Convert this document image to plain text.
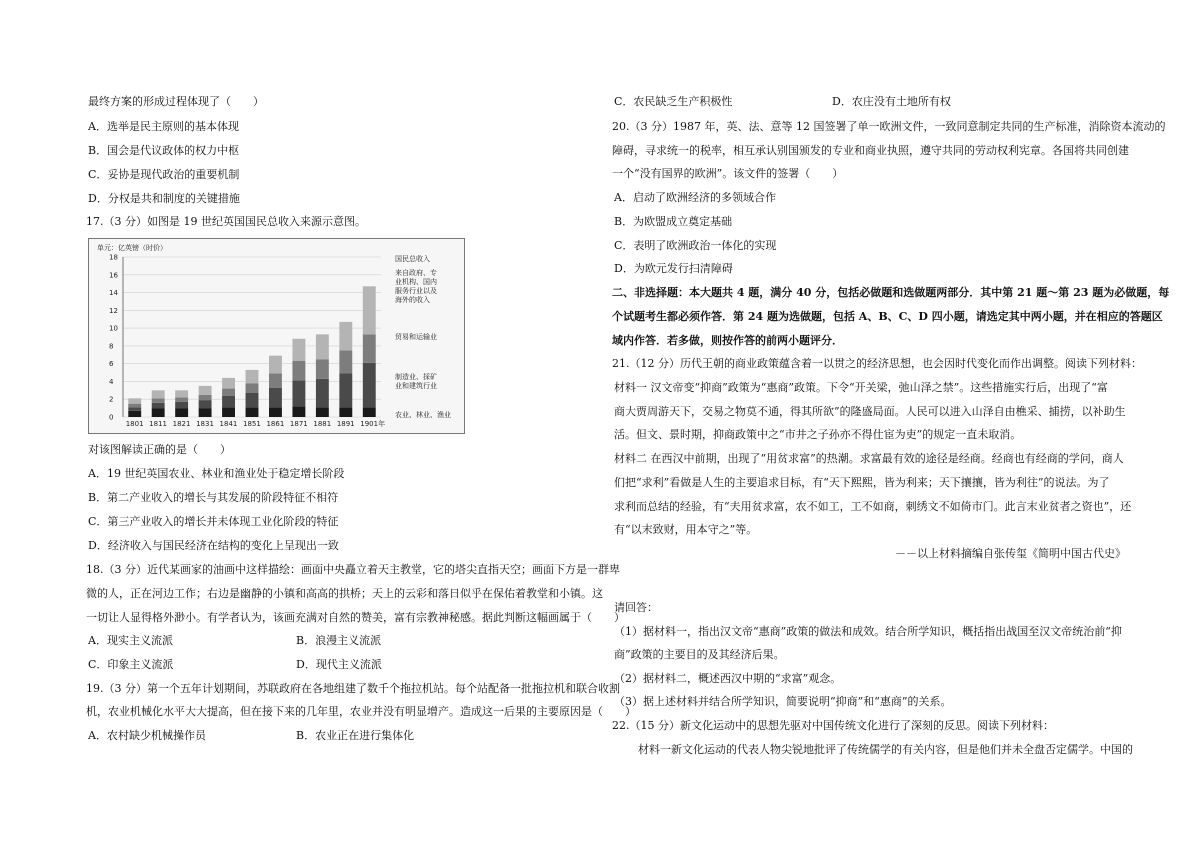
最终方案的形成过程体现了（　　）
A．选举是民主原则的基本体现
B．国会是代议政体的权力中枢
C．妥协是现代政治的重要机制
D．分权是共和制度的关键措施
17.（3 分）如图是 19 世纪英国国民总收入来源示意图。
对该图解读正确的是（　　）
A．19 世纪英国农业、林业和渔业处于稳定增长阶段
B．第二产业收入的增长与其发展的阶段特征不相符
C．第三产业收入的增长并未体现工业化阶段的特征
D．经济收入与国民经济在结构的变化上呈现出一致
18.（3 分）近代某画家的油画中这样描绘：画面中央矗立着天主教堂，它的塔尖直指天空；画面下方是一群卑
微的人，正在河边工作；右边是幽静的小镇和高高的拱桥；天上的云彩和落日似乎在保佑着教堂和小镇。这
一切让人显得格外渺小。有学者认为，该画充满对自然的赞美，富有宗教神秘感。据此判断这幅画属于（　　）
A．现实主义流派	B．浪漫主义流派
C．印象主义流派	D．现代主义流派
19.（3 分）第一个五年计划期间，苏联政府在各地组建了数千个拖拉机站。每个站配备一批拖拉机和联合收割
机，农业机械化水平大大提高，但在接下来的几年里，农业并没有明显增产。造成这一后果的主要原因是（　　）
A．农村缺少机械操作员	B．农业正在进行集体化
单元：亿英镑（时价）
0
2
4
6
8
10
12
14
16
18
1801 1811 1821 1831 1841 1851 1861 1871 1881 1891 1901年
国民总收入
农业、林业、渔业
制造业、採矿
业和建筑行业
贸易和运输业
来自政府、专
业机构、国内
服务行业以及
海外的收入
C．农民缺乏生产积极性	D．农庄没有土地所有权
20.（3 分）1987 年，英、法、意等 12 国签署了单一欧洲文件，一致同意制定共同的生产标准，消除资本流动的
障碍，寻求统一的税率，相互承认别国颁发的专业和商业执照，遵守共同的劳动权利宪章。各国将共同创建
一个“没有国界的欧洲”。该文件的签署（　　）
A．启动了欧洲经济的多领域合作
B．为欧盟成立奠定基础
C．表明了欧洲政治一体化的实现
D．为欧元发行扫清障碍
二、非选择题：本大题共 4 题，满分 40 分，包括必做题和选做题两部分．其中第 21 题～第 23 题为必做题，每
个试题考生都必须作答．第 24 题为选做题，包括 A、B、C、D 四小题，请选定其中两小题，并在相应的答题区
域内作答．若多做，则按作答的前两小题评分．
21.（12 分）历代王朝的商业政策蕴含着一以贯之的经济思想，也会因时代变化而作出调整。阅读下列材料：
材料一 汉文帝变“抑商”政策为“惠商”政策。下令“开关梁，弛山泽之禁”。这些措施实行后，出现了“富
商大贾周游天下，交易之物莫不通，得其所欲”的隆盛局面。人民可以进入山泽自由樵采、捕捞，以补助生
活。但文、景时期，抑商政策中之“市井之子孙亦不得仕宦为吏”的规定一直未取消。
材料二 在西汉中前期，出现了“用贫求富”的热潮。求富最有效的途径是经商。经商也有经商的学问，商人
们把“求利”看做是人生的主要追求目标，有“天下熙熙，皆为利来；天下攘攘，皆为利往”的说法。为了
求利而总结的经验，有“夫用贫求富，农不如工，工不如商，刺绣文不如倚市门。此言末业贫者之资也”，还
有“以末致财，用本守之”等。
－－以上材料摘编自张传玺《简明中国古代史》
请回答：
（1）据材料一，指出汉文帝“惠商”政策的做法和成效。结合所学知识，概括指出战国至汉文帝统治前“抑
商”政策的主要目的及其经济后果。
（2）据材料二，概述西汉中期的“求富”观念。
（3）据上述材料并结合所学知识，简要说明“抑商”和“惠商”的关系。
22.（15 分）新文化运动中的思想先驱对中国传统文化进行了深刻的反思。阅读下列材料：
材料一新文化运动的代表人物尖锐地批评了传统儒学的有关内容，但是他们并未全盘否定儒学。中国的
